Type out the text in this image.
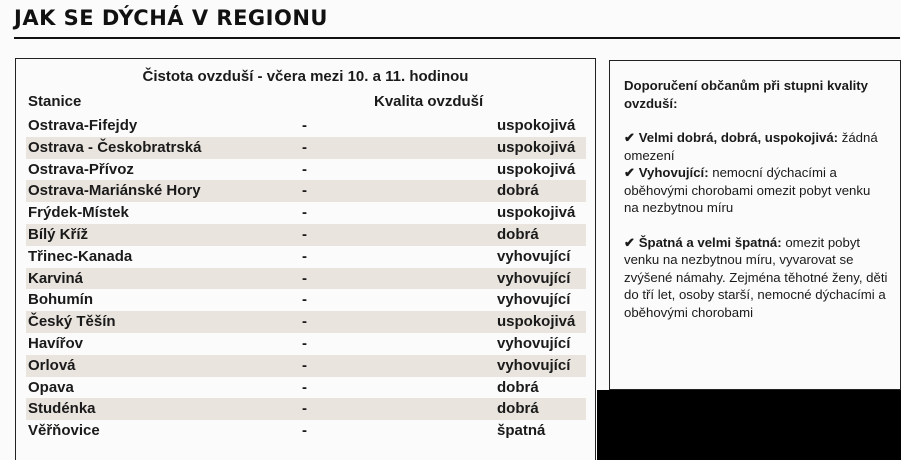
JAK SE DÝCHÁ V REGIONU
Čistota ovzduší - včera mezi 10. a 11. hodinou
Stanice	Kvalita ovzduší
Ostrava-Fifejdy	-	uspokojivá
Ostrava - Českobratrská	-	uspokojivá
Ostrava-Přívoz	-	uspokojivá
Ostrava-Mariánské Hory	-	dobrá
Frýdek-Místek	-	uspokojivá
Bílý Kříž	-	dobrá
Třinec-Kanada	-	vyhovující
Karviná	-	vyhovující
Bohumín	-	vyhovující
Český Těšín	-	uspokojivá
Havířov	-	vyhovující
Orlová	-	vyhovující
Opava	-	dobrá
Studénka	-	dobrá
Věřňovice	-	špatná

Doporučení občanům při stupni kvality ovzduší:

✔ Velmi dobrá, dobrá, uspokojivá: žádná omezení

✔ Vyhovující: nemocní dýchacími a oběhovými chorobami omezit pobyt venku na nezbytnou míru

✔ Špatná a velmi špatná: omezit pobyt venku na nezbytnou míru, vyvarovat se zvýšené námahy. Zejména těhotné ženy, děti do tří let, osoby starší, nemocné dýchacími a oběhovými chorobami
